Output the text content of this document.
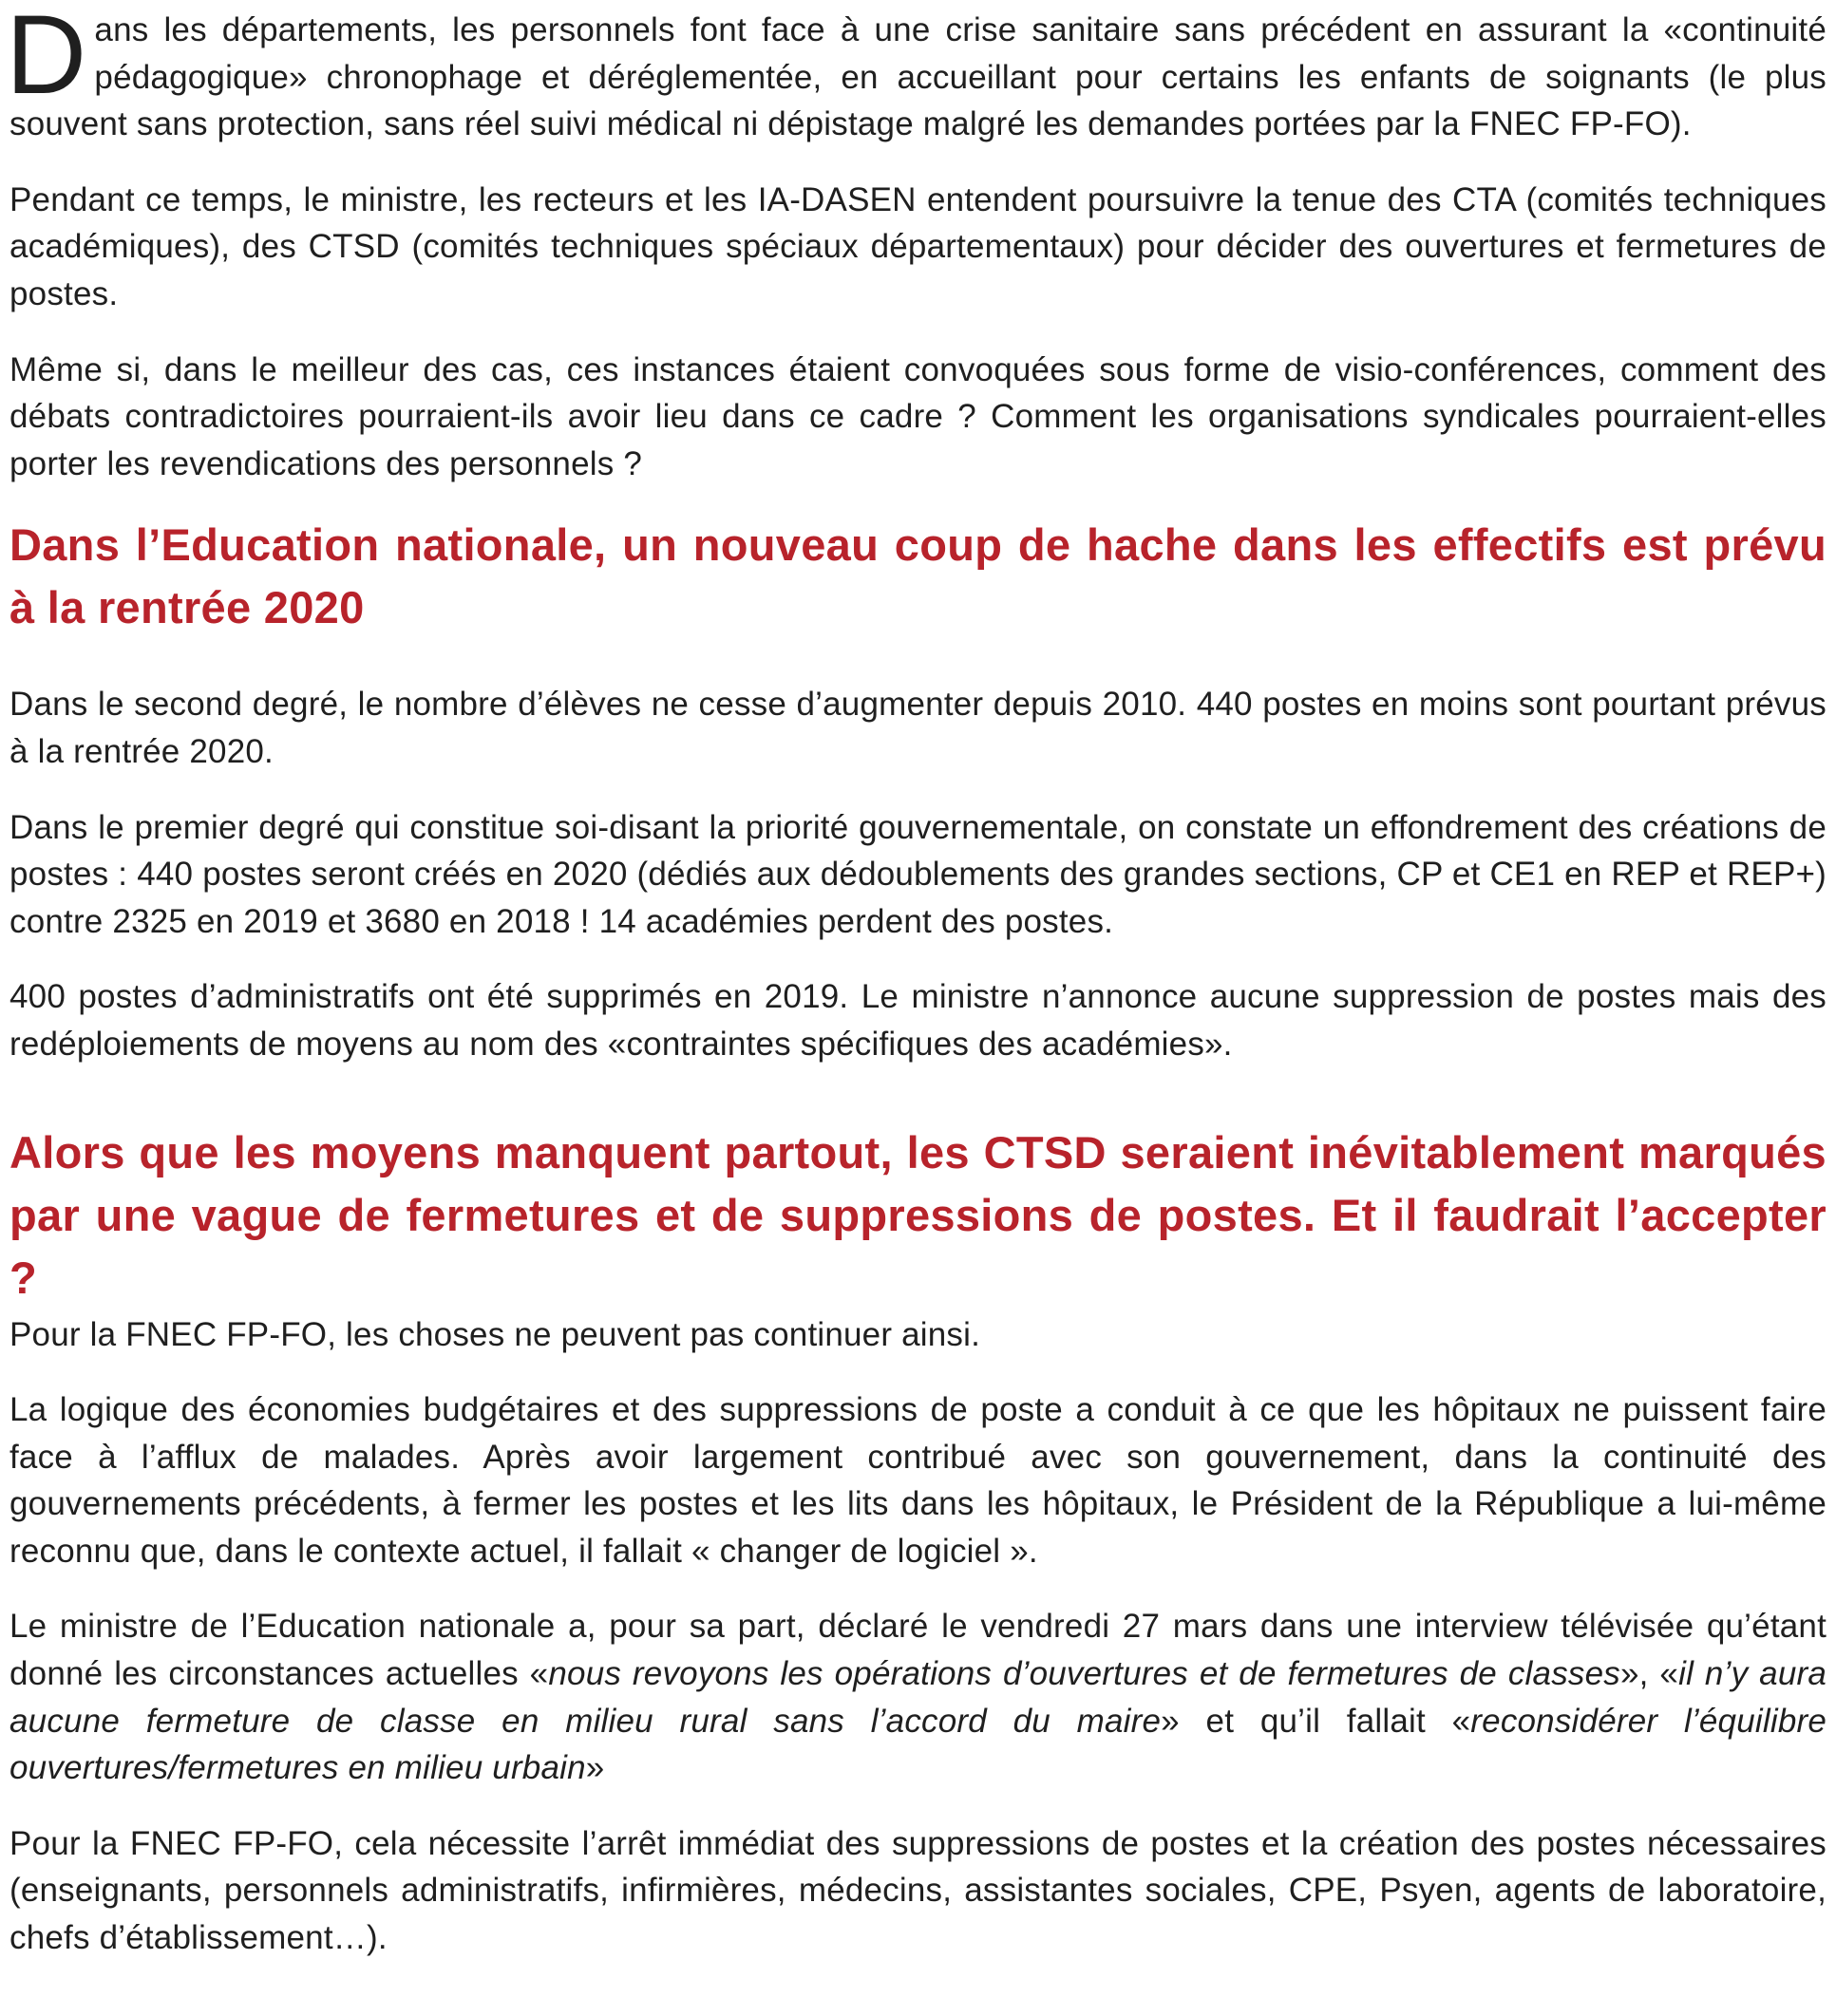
Dans les départements, les personnels font face à une crise sanitaire sans précédent en assurant la «continuité pédagogique» chronophage et déréglementée, en accueillant pour certains les enfants de soignants (le plus souvent sans protection, sans réel suivi médical ni dépistage malgré les demandes portées par la FNEC FP-FO).

Pendant ce temps, le ministre, les recteurs et les IA-DASEN entendent poursuivre la tenue des CTA (comités techniques académiques), des CTSD (comités techniques spéciaux départementaux) pour décider des ouvertures et fermetures de postes.

Même si, dans le meilleur des cas, ces instances étaient convoquées sous forme de visio-conférences, comment des débats contradictoires pourraient-ils avoir lieu dans ce cadre ? Comment les organisations syndicales pourraient-elles porter les revendications des personnels ?

Dans l’Education nationale, un nouveau coup de hache dans les effectifs est prévu à la rentrée 2020

Dans le second degré, le nombre d’élèves ne cesse d’augmenter depuis 2010. 440 postes en moins sont pourtant prévus à la rentrée 2020.

Dans le premier degré qui constitue soi-disant la priorité gouvernementale, on constate un effondrement des créations de postes : 440 postes seront créés en 2020 (dédiés aux dédoublements des grandes sections, CP et CE1 en REP et REP+) contre 2325 en 2019 et 3680 en 2018 ! 14 académies perdent des postes.

400 postes d’administratifs ont été supprimés en 2019. Le ministre n’annonce aucune suppression de postes mais des redéploiements de moyens au nom des «contraintes spécifiques des académies».

Alors que les moyens manquent partout, les CTSD seraient inévitablement marqués par une vague de fermetures et de suppressions de postes. Et il faudrait l’accepter ?

Pour la FNEC FP-FO, les choses ne peuvent pas continuer ainsi.

La logique des économies budgétaires et des suppressions de poste a conduit à ce que les hôpitaux ne puissent faire face à l’afflux de malades. Après avoir largement contribué avec son gouvernement, dans la continuité des gouvernements précédents, à fermer les postes et les lits dans les hôpitaux, le Président de la République a lui-même reconnu que, dans le contexte actuel, il fallait « changer de logiciel ».

Le ministre de l’Education nationale a, pour sa part, déclaré le vendredi 27 mars dans une interview télévisée qu’étant donné les circonstances actuelles «nous revoyons les opérations d’ouvertures et de fermetures de classes», «il n’y aura aucune fermeture de classe en milieu rural sans l’accord du maire» et qu’il fallait «reconsidérer l’équilibre ouvertures/fermetures en milieu urbain»

Pour la FNEC FP-FO, cela nécessite l’arrêt immédiat des suppressions de postes et la création des postes nécessaires (enseignants, personnels administratifs, infirmières, médecins, assistantes sociales, CPE, Psyen, agents de laboratoire, chefs d’établissement…).
